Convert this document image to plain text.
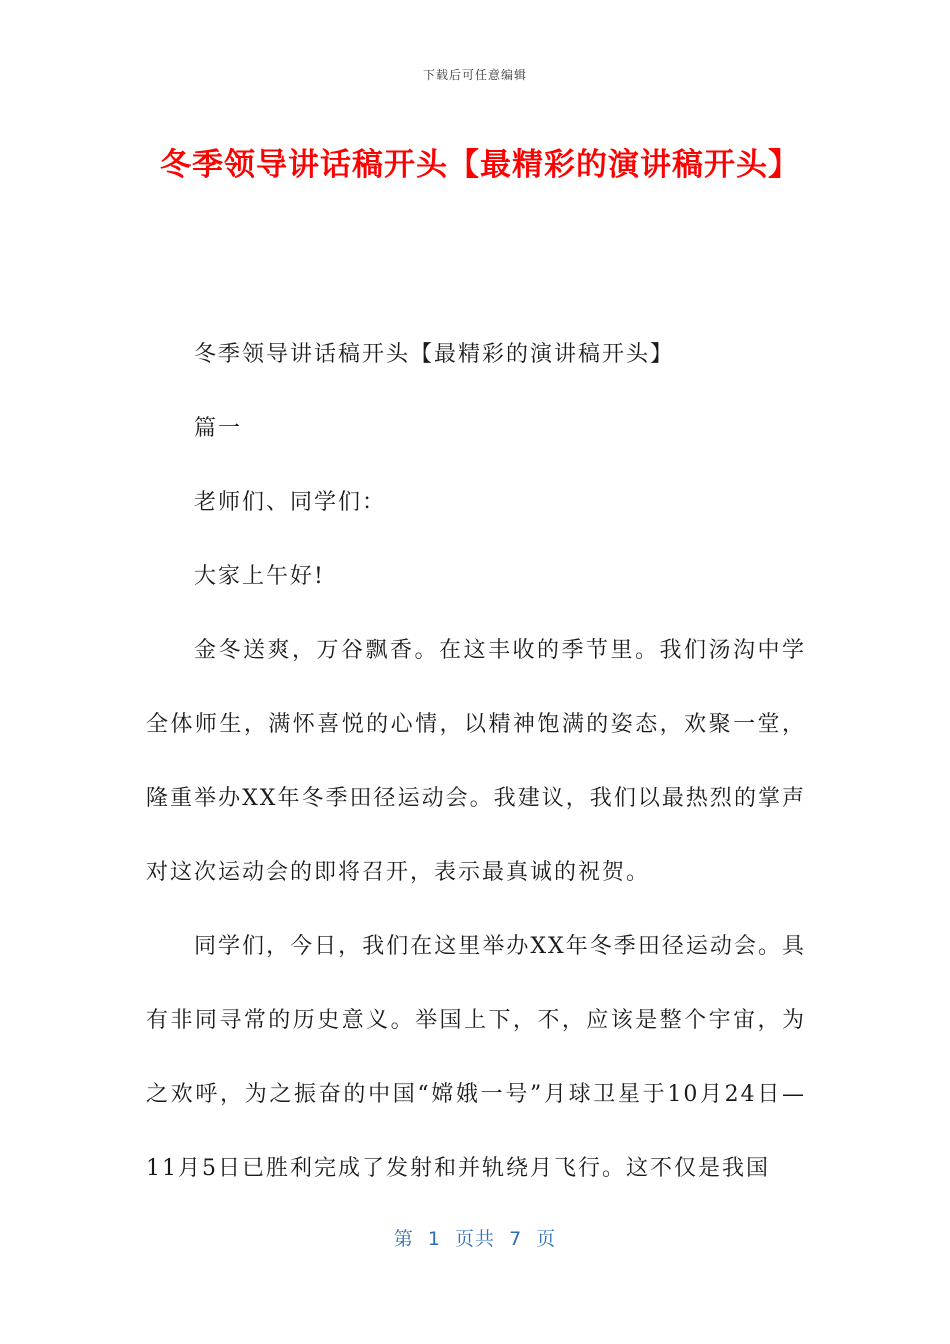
下载后可任意编辑
冬季领导讲话稿开头【最精彩的演讲稿开头】

冬季领导讲话稿开头【最精彩的演讲稿开头】

篇一

老师们、同学们：

大家上午好!

金冬送爽，万谷飘香。在这丰收的季节里。我们汤沟中学全体师生，满怀喜悦的心情，以精神饱满的姿态，欢聚一堂，隆重举办XX年冬季田径运动会。我建议，我们以最热烈的掌声对这次运动会的即将召开，表示最真诚的祝贺。

同学们，今日，我们在这里举办XX年冬季田径运动会。具有非同寻常的历史意义。举国上下，不，应该是整个宇宙，为之欢呼，为之振奋的中国“嫦娥一号”月球卫星于10月24日—11月5日已胜利完成了发射和并轨绕月飞行。这不仅是我国

第  1  页共  7  页
